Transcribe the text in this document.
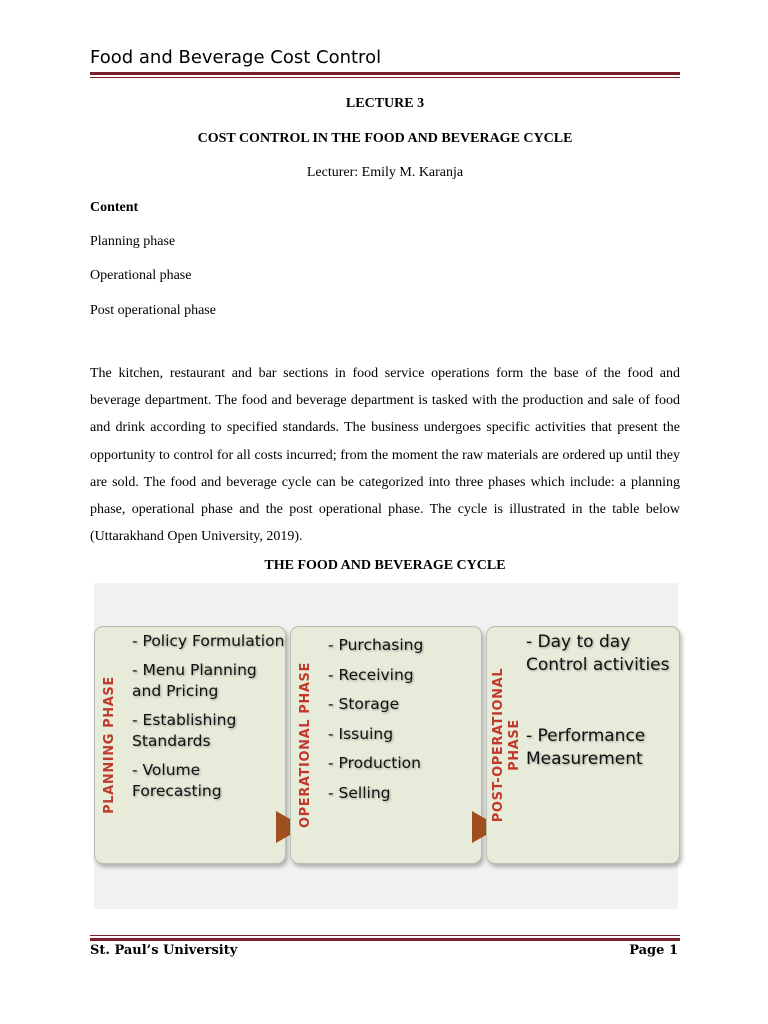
Food and Beverage Cost Control
LECTURE 3
COST CONTROL IN THE FOOD AND BEVERAGE CYCLE
Lecturer: Emily M. Karanja
Content
Planning phase
Operational phase
Post operational phase
The kitchen, restaurant and bar sections in food service operations form the base of the food and beverage department. The food and beverage department is tasked with the production and sale of food and drink according to specified standards. The business undergoes specific activities that present the opportunity to control for all costs incurred; from the moment the raw materials are ordered up until they are sold. The food and beverage cycle can be categorized into three phases which include: a planning phase, operational phase and the post operational phase. The cycle is illustrated in the table below (Uttarakhand Open University, 2019).
THE FOOD AND BEVERAGE CYCLE
PLANNING PHASE
- Policy Formulation
- Menu Planning and Pricing
- Establishing Standards
- Volume Forecasting	OPERATIONAL PHASE
- Purchasing
- Receiving
- Storage
- Issuing
- Production
- Selling	POST-OPERATIONAL PHASE
- Day to day Control activities
- Performance Measurement
St. Paul’s University	Page 1
